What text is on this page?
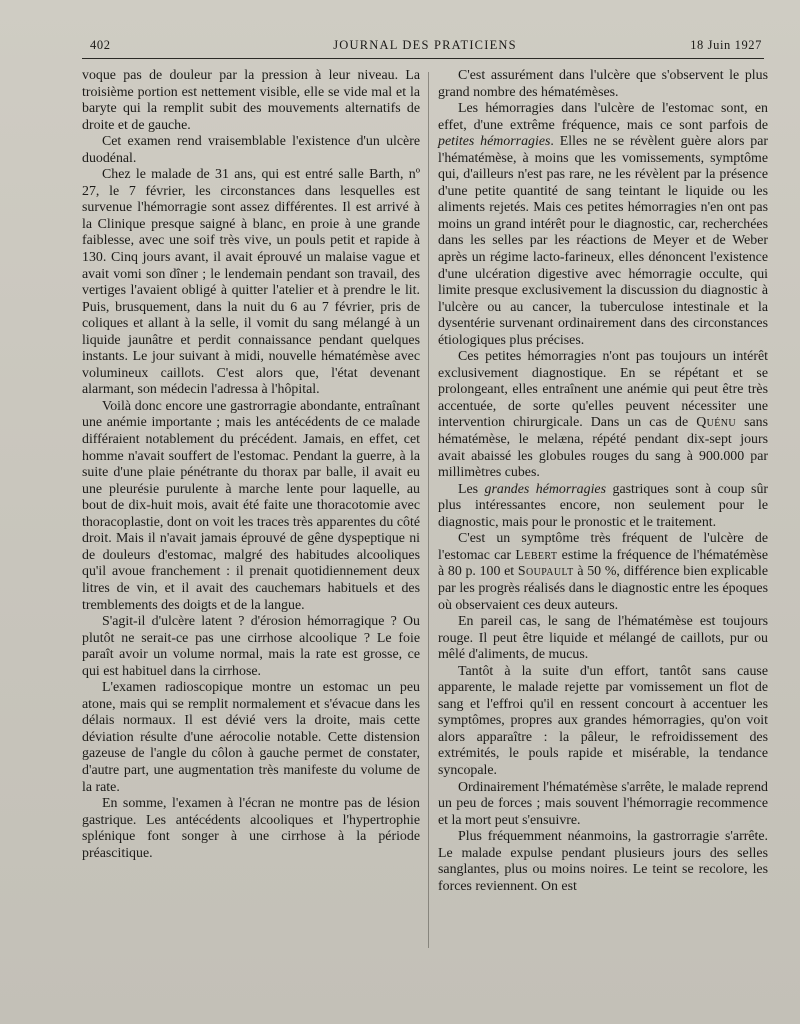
402	JOURNAL DES PRATICIENS	18 Juin 1927

voque pas de douleur par la pression à leur niveau. La troisième portion est nettement visible, elle se vide mal et la baryte qui la remplit subit des mouvements alternatifs de droite et de gauche.

Cet examen rend vraisemblable l'existence d'un ulcère duodénal.

Chez le malade de 31 ans, qui est entré salle Barth, nº 27, le 7 février, les circonstances dans lesquelles est survenue l'hémorragie sont assez différentes. Il est arrivé à la Clinique presque saigné à blanc, en proie à une grande faiblesse, avec une soif très vive, un pouls petit et rapide à 130. Cinq jours avant, il avait éprouvé un malaise vague et avait vomi son dîner ; le lendemain pendant son travail, des vertiges l'avaient obligé à quitter l'atelier et à prendre le lit. Puis, brusquement, dans la nuit du 6 au 7 février, pris de coliques et allant à la selle, il vomit du sang mélangé à un liquide jaunâtre et perdit connaissance pendant quelques instants. Le jour suivant à midi, nouvelle hématémèse avec volumineux caillots. C'est alors que, l'état devenant alarmant, son médecin l'adressa à l'hôpital.

Voilà donc encore une gastrorragie abondante, entraînant une anémie importante ; mais les antécédents de ce malade différaient notablement du précédent. Jamais, en effet, cet homme n'avait souffert de l'estomac. Pendant la guerre, à la suite d'une plaie pénétrante du thorax par balle, il avait eu une pleurésie purulente à marche lente pour laquelle, au bout de dix-huit mois, avait été faite une thoracotomie avec thoracoplastie, dont on voit les traces très apparentes du côté droit. Mais il n'avait jamais éprouvé de gêne dyspeptique ni de douleurs d'estomac, malgré des habitudes alcooliques qu'il avoue franchement : il prenait quotidiennement deux litres de vin, et il avait des cauchemars habituels et des tremblements des doigts et de la langue.

S'agit-il d'ulcère latent ? d'érosion hémorragique ? Ou plutôt ne serait-ce pas une cirrhose alcoolique ? Le foie paraît avoir un volume normal, mais la rate est grosse, ce qui est habituel dans la cirrhose.

L'examen radioscopique montre un estomac un peu atone, mais qui se remplit normalement et s'évacue dans les délais normaux. Il est dévié vers la droite, mais cette déviation résulte d'une aérocolie notable. Cette distension gazeuse de l'angle du côlon à gauche permet de constater, d'autre part, une augmentation très manifeste du volume de la rate.

En somme, l'examen à l'écran ne montre pas de lésion gastrique. Les antécédents alcooliques et l'hypertrophie splénique font songer à une cirrhose à la période préascitique.

C'est assurément dans l'ulcère que s'observent le plus grand nombre des hématémèses.

Les hémorragies dans l'ulcère de l'estomac sont, en effet, d'une extrême fréquence, mais ce sont parfois de petites hémorragies. Elles ne se révèlent guère alors par l'hématémèse, à moins que les vomissements, symptôme qui, d'ailleurs n'est pas rare, ne les révèlent par la présence d'une petite quantité de sang teintant le liquide ou les aliments rejetés. Mais ces petites hémorragies n'en ont pas moins un grand intérêt pour le diagnostic, car, recherchées dans les selles par les réactions de Meyer et de Weber après un régime lacto-farineux, elles dénoncent l'existence d'une ulcération digestive avec hémorragie occulte, qui limite presque exclusivement la discussion du diagnostic à l'ulcère ou au cancer, la tuberculose intestinale et la dysentérie survenant ordinairement dans des circonstances étiologiques plus précises.

Ces petites hémorragies n'ont pas toujours un intérêt exclusivement diagnostique. En se répétant et se prolongeant, elles entraînent une anémie qui peut être très accentuée, de sorte qu'elles peuvent nécessiter une intervention chirurgicale. Dans un cas de Quénu sans hématémèse, le melæna, répété pendant dix-sept jours avait abaissé les globules rouges du sang à 900.000 par millimètres cubes.

Les grandes hémorragies gastriques sont à coup sûr plus intéressantes encore, non seulement pour le diagnostic, mais pour le pronostic et le traitement.

C'est un symptôme très fréquent de l'ulcère de l'estomac car Lebert estime la fréquence de l'hématémèse à 80 p. 100 et Soupault à 50 %, différence bien explicable par les progrès réalisés dans le diagnostic entre les époques où observaient ces deux auteurs.

En pareil cas, le sang de l'hématémèse est toujours rouge. Il peut être liquide et mélangé de caillots, pur ou mêlé d'aliments, de mucus.

Tantôt à la suite d'un effort, tantôt sans cause apparente, le malade rejette par vomissement un flot de sang et l'effroi qu'il en ressent concourt à accentuer les symptômes, propres aux grandes hémorragies, qu'on voit alors apparaître : la pâleur, le refroidissement des extrémités, le pouls rapide et misérable, la tendance syncopale.

Ordinairement l'hématémèse s'arrête, le malade reprend un peu de forces ; mais souvent l'hémorragie recommence et la mort peut s'ensuivre.

Plus fréquemment néanmoins, la gastrorragie s'arrête. Le malade expulse pendant plusieurs jours des selles sanglantes, plus ou moins noires. Le teint se recolore, les forces reviennent. On est
